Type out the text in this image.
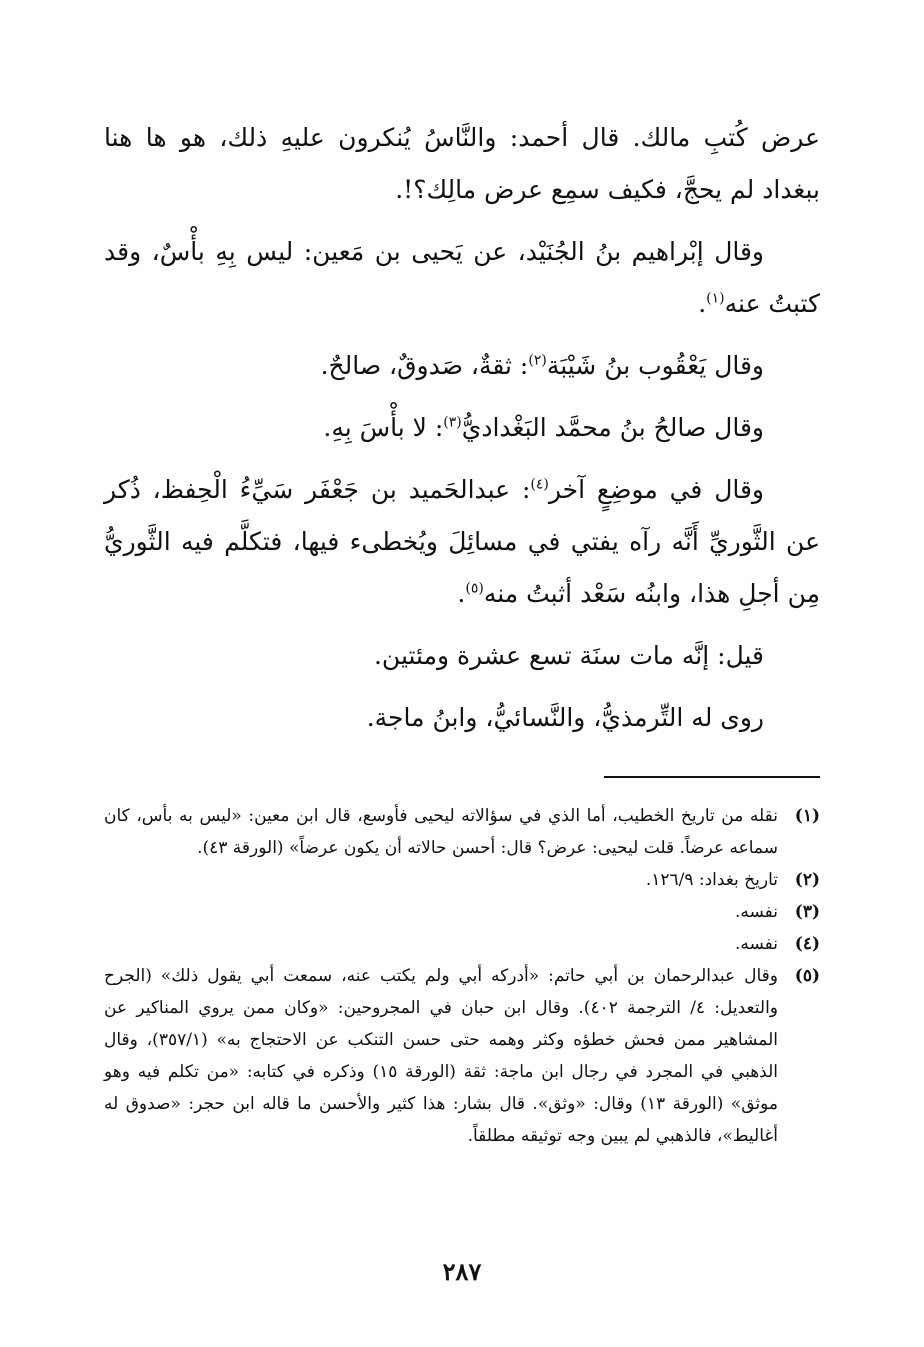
عرض كُتبِ مالك. قال أحمد: والنَّاسُ يُنكرون عليهِ ذلك، هو ها هنا ببغداد لم يحجَّ، فكيف سمِع عرض مالِك؟!.

وقال إبْراهيم بنُ الجُنَيْد، عن يَحيى بن مَعين: ليس بِهِ بأْسٌ، وقد كتبتُ عنه$^{(١)}$.

وقال يَعْقُوب بنُ شَيْبَة$^{(٢)}$: ثقةٌ، صَدوقٌ، صالحٌ.

وقال صالحُ بنُ محمَّد البَغْداديُّ$^{(٣)}$: لا بأْسَ بِهِ.

وقال في موضِعٍ آخر$^{(٤)}$: عبدالحَميد بن جَعْفَر سَيِّءُ الْحِفظ، ذُكر عن الثَّوريِّ أَنَّه رآه يفتي في مسائِلَ ويُخطىء فيها، فتكلَّم فيه الثَّوريُّ مِن أجلِ هذا، وابنُه سَعْد أثبتُ منه$^{(٥)}$.

قيل: إنَّه مات سنَة تسع عشرة ومئتين.

روى له التِّرمذيُّ، والنَّسائيُّ، وابنُ ماجة.

(١)
نقله من تاريخ الخطيب، أما الذي في سؤالاته ليحيى فأوسع، قال ابن معين: «ليس به بأس، كان سماعه عرضاً. قلت ليحيى: عرض؟ قال: أحسن حالاته أن يكون عرضاً» (الورقة ٤٣).
(٢)
تاريخ بغداد: ١٢٦/٩.
(٣)
نفسه.
(٤)
نفسه.
(٥)
وقال عبدالرحمان بن أبي حاتم: «أدركه أبي ولم يكتب عنه، سمعت أبي يقول ذلك» (الجرح والتعديل: ٤/ الترجمة ٤٠٢). وقال ابن حبان في المجروحين: «وكان ممن يروي المناكير عن المشاهير ممن فحش خطؤه وكثر وهمه حتى حسن التنكب عن الاحتجاج به» (٣٥٧/١)، وقال الذهبي في المجرد في رجال ابن ماجة: ثقة (الورقة ١٥) وذكره في كتابه: «من تكلم فيه وهو موثق» (الورقة ١٣) وقال: «وثق». قال بشار: هذا كثير والأحسن ما قاله ابن حجر: «صدوق له أغاليط»، فالذهبي لم يبين وجه توثيقه مطلقاً.
٢٨٧
